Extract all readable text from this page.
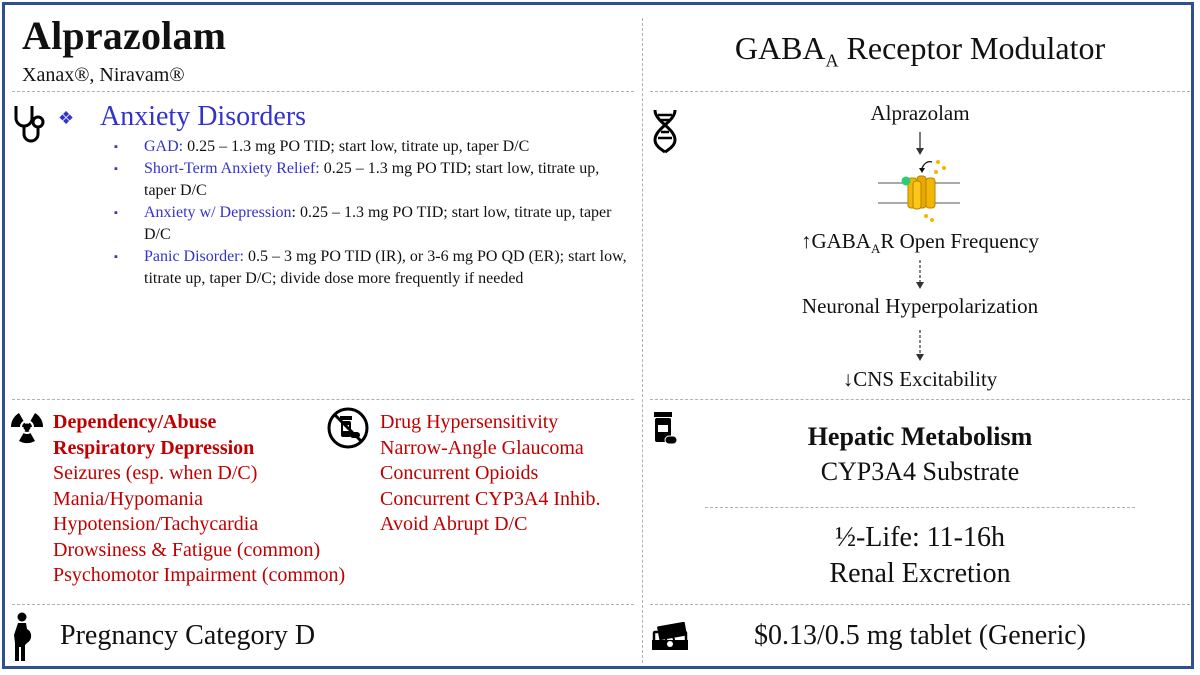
Alprazolam
Xanax®, Niravam®
❖ Anxiety Disorders
▪ GAD: 0.25 – 1.3 mg PO TID; start low, titrate up, taper D/C
▪ Short-Term Anxiety Relief: 0.25 – 1.3 mg PO TID; start low, titrate up, taper D/C
▪ Anxiety w/ Depression: 0.25 – 1.3 mg PO TID; start low, titrate up, taper D/C
▪ Panic Disorder: 0.5 – 3 mg PO TID (IR), or 3-6 mg PO QD (ER); start low, titrate up, taper D/C; divide dose more frequently if needed
Dependency/Abuse
Respiratory Depression
Seizures (esp. when D/C)
Mania/Hypomania
Hypotension/Tachycardia
Drowsiness & Fatigue (common)
Psychomotor Impairment (common)
Drug Hypersensitivity
Narrow-Angle Glaucoma
Concurrent Opioids
Concurrent CYP3A4 Inhib.
Avoid Abrupt D/C
Pregnancy Category D
$GABA_A$ Receptor Modulator
Alprazolam
$↑GABA_AR$ Open Frequency
Neuronal Hyperpolarization
↓CNS Excitability
Hepatic Metabolism
CYP3A4 Substrate
½-Life: 11-16h
Renal Excretion
$0.13/0.5 mg tablet (Generic)
